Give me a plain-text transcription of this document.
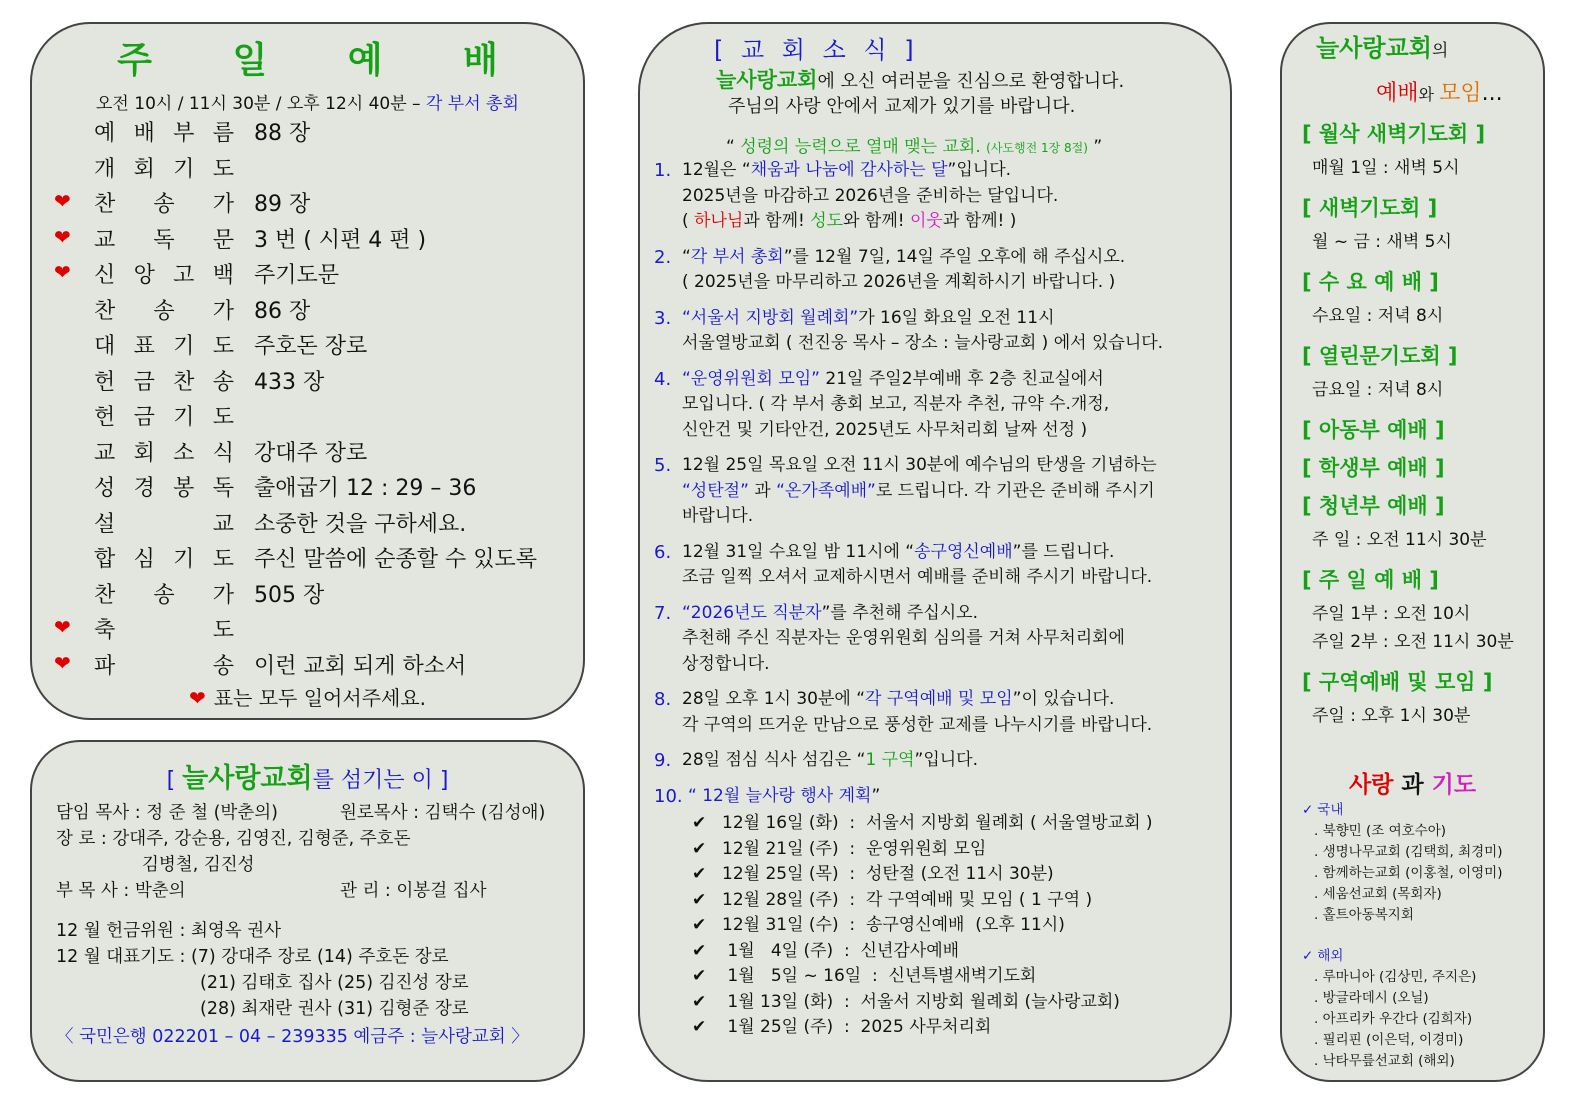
주 일 예 배
오전 10시 / 11시 30분 / 오후 12시 40분 – 각 부서 총회
예 배 부 름 88 장
개 회 기 도
❤ 찬 송 가 89 장
❤ 교 독 문 3 번 ( 시편 4 편 )
❤ 신 앙 고 백 주기도문
찬 송 가 86 장
대 표 기 도 주호돈 장로
헌 금 찬 송 433 장
헌 금 기 도
교 회 소 식 강대주 장로
성 경 봉 독 출애굽기 12 : 29 – 36
설	교 소중한 것을 구하세요.
합 심 기 도 주신 말씀에 순종할 수 있도록
찬 송 가 505 장
❤ 축	도
❤ 파	송 이런 교회 되게 하소서
❤ 표는 모두 일어서주세요.
[ 늘사랑교회를 섬기는 이 ]
담임 목사 : 정 준 철 (박춘의)	원로목사 : 김택수 (김성애)
장 로 : 강대주, 강순용, 김영진, 김형준, 주호돈
김병철, 김진성
부 목 사 : 박춘의	관 리 : 이봉걸 집사
12 월 헌금위원 : 최영옥 권사
12 월 대표기도 : (7) 강대주 장로 (14) 주호돈 장로
(21) 김태호 집사 (25) 김진성 장로
(28) 최재란 권사 (31) 김형준 장로
〈 국민은행 022201 – 04 – 239335 예금주 : 늘사랑교회 〉
[ 교 회 소 식 ]
늘사랑교회에 오신 여러분을 진심으로 환영합니다.
주님의 사랑 안에서 교제가 있기를 바랍니다.
“ 성령의 능력으로 열매 맺는 교회. (사도행전 1장 8절) ”
1. 12월은 “채움과 나눔에 감사하는 달”입니다.
2025년을 마감하고 2026년을 준비하는 달입니다.
( 하나님과 함께! 성도와 함께! 이웃과 함께! )
2. “각 부서 총회”를 12월 7일, 14일 주일 오후에 해 주십시오.
( 2025년을 마무리하고 2026년을 계획하시기 바랍니다. )
3. “서울서 지방회 월례회”가 16일 화요일 오전 11시
서울열방교회 ( 전진웅 목사 – 장소 : 늘사랑교회 ) 에서 있습니다.
4. “운영위원회 모임” 21일 주일2부예배 후 2층 친교실에서
모입니다. ( 각 부서 총회 보고, 직분자 추천, 규약 수.개정,
신안건 및 기타안건, 2025년도 사무처리회 날짜 선정 )
5. 12월 25일 목요일 오전 11시 30분에 예수님의 탄생을 기념하는
“성탄절” 과 “온가족예배”로 드립니다. 각 기관은 준비해 주시기
바랍니다.
6. 12월 31일 수요일 밤 11시에 “송구영신예배”를 드립니다.
조금 일찍 오셔서 교제하시면서 예배를 준비해 주시기 바랍니다.
7. “2026년도 직분자”를 추천해 주십시오.
추천해 주신 직분자는 운영위원회 심의를 거쳐 사무처리회에
상정합니다.
8. 28일 오후 1시 30분에 “각 구역예배 및 모임”이 있습니다.
각 구역의 뜨거운 만남으로 풍성한 교제를 나누시기를 바랍니다.
9. 28일 점심 식사 섬김은 “1 구역”입니다.
10. “ 12월 늘사랑 행사 계획”
✔ 12월 16일 (화)  :  서울서 지방회 월례회 ( 서울열방교회 )
✔ 12월 21일 (주)  :  운영위원회 모임
✔ 12월 25일 (목)  :  성탄절 (오전 11시 30분)
✔ 12월 28일 (주)  :  각 구역예배 및 모임 ( 1 구역 )
✔ 12월 31일 (수)  :  송구영신예배  (오후 11시)
✔ 1월   4일 (주)  :  신년감사예배
✔ 1월   5일 ~ 16일  :  신년특별새벽기도회
✔ 1월 13일 (화)  :  서울서 지방회 월례회 (늘사랑교회)
✔ 1월 25일 (주)  :  2025 사무처리회
늘사랑교회의
예배와 모임...
[ 월삭 새벽기도회 ]
매월 1일 : 새벽 5시
[ 새벽기도회 ]
월 ~ 금 : 새벽 5시
[ 수 요 예 배 ]
수요일 : 저녁 8시
[ 열린문기도회 ]
금요일 : 저녁 8시
[ 아동부 예배 ]
[ 학생부 예배 ]
[ 청년부 예배 ]
주 일 : 오전 11시 30분
[ 주 일 예 배 ]
주일 1부 : 오전 10시
주일 2부 : 오전 11시 30분
[ 구역예배 및 모임 ]
주일 : 오후 1시 30분
사랑 과 기도
✓ 국내
. 북향민 (조 여호수아)
. 생명나무교회 (김택희, 최경미)
. 함께하는교회 (이홍철, 이영미)
. 세움선교회 (목회자)
. 홀트아동복지회
✓ 해외
. 루마니아 (김상민, 주지은)
. 방글라데시 (오닐)
. 아프리카 우간다 (김희자)
. 필리핀 (이은덕, 이경미)
. 낙타무릎선교회 (해외)
